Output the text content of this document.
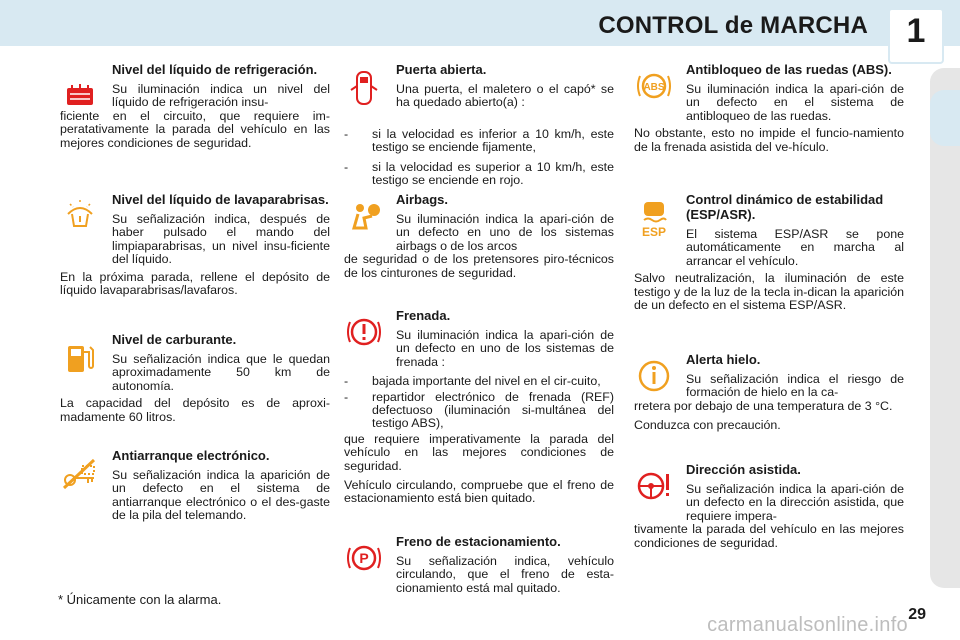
CONTROL de MARCHA	1

Nivel del líquido de refrigeración.

Su iluminación indica un nivel del líquido de refrigeración insu-

ficiente en el circuito, que requiere im-peratativamente la parada del vehículo en las mejores condiciones de seguridad.

Nivel del líquido de lavaparabrisas.

Su señalización indica, después de haber pulsado el mando del limpiaparabrisas, un nivel insu-ficiente del líquido.

En la próxima parada, rellene el depósito de líquido lavaparabrisas/lavafaros.

Nivel de carburante.

Su señalización indica que le quedan aproximadamente 50 km de autonomía.

La capacidad del depósito es de aproxi-madamente 60 litros.

Antiarranque electrónico.

Su señalización indica la aparición de un defecto en el sistema de antiarranque electrónico o el des-gaste de la pila del telemando.

Puerta abierta.

Una puerta, el maletero o el capó* se ha quedado abierto(a) :

- si la velocidad es inferior a 10 km/h, este testigo se enciende fijamente,

- si la velocidad es superior a 10 km/h, este testigo se enciende en rojo.

Airbags.

Su iluminación indica la apari-ción de un defecto en uno de los sistemas airbags o de los arcos

de seguridad o de los pretensores piro-técnicos de los cinturones de seguridad.

Frenada.

Su iluminación indica la apari-ción de un defecto en uno de los sistemas de frenada :

- bajada importante del nivel en el cir-cuito,

- repartidor electrónico de frenada (REF) defectuoso (iluminación si-multánea del testigo ABS),

que requiere imperativamente la parada del vehículo en las mejores condiciones de seguridad.

Vehículo circulando, compruebe que el freno de estacionamiento está bien quitado.

P

Freno de estacionamiento.

Su señalización indica, vehículo circulando, que el freno de esta-cionamiento está mal quitado.

ABS

Antibloqueo de las ruedas (ABS).

Su iluminación indica la apari-ción de un defecto en el sistema de antibloqueo de las ruedas.

No obstante, esto no impide el funcio-namiento de la frenada asistida del ve-hículo.

ESP

Control dinámico de estabilidad (ESP/ASR).

El sistema ESP/ASR se pone automáticamente en marcha al arrancar el vehículo.

Salvo neutralización, la iluminación de este testigo y de la luz de la tecla in-dican la aparición de un defecto en el sistema ESP/ASR.

Alerta hielo.

Su señalización indica el riesgo de formación de hielo en la ca-

rretera por debajo de una temperatura de 3 °C.

Conduzca con precaución.

Dirección asistida.

Su señalización indica la apari-ción de un defecto en la dirección asistida, que requiere impera-

tivamente la parada del vehículo en las mejores condiciones de seguridad.

* Únicamente con la alarma.
29
carmanualsonline.info
